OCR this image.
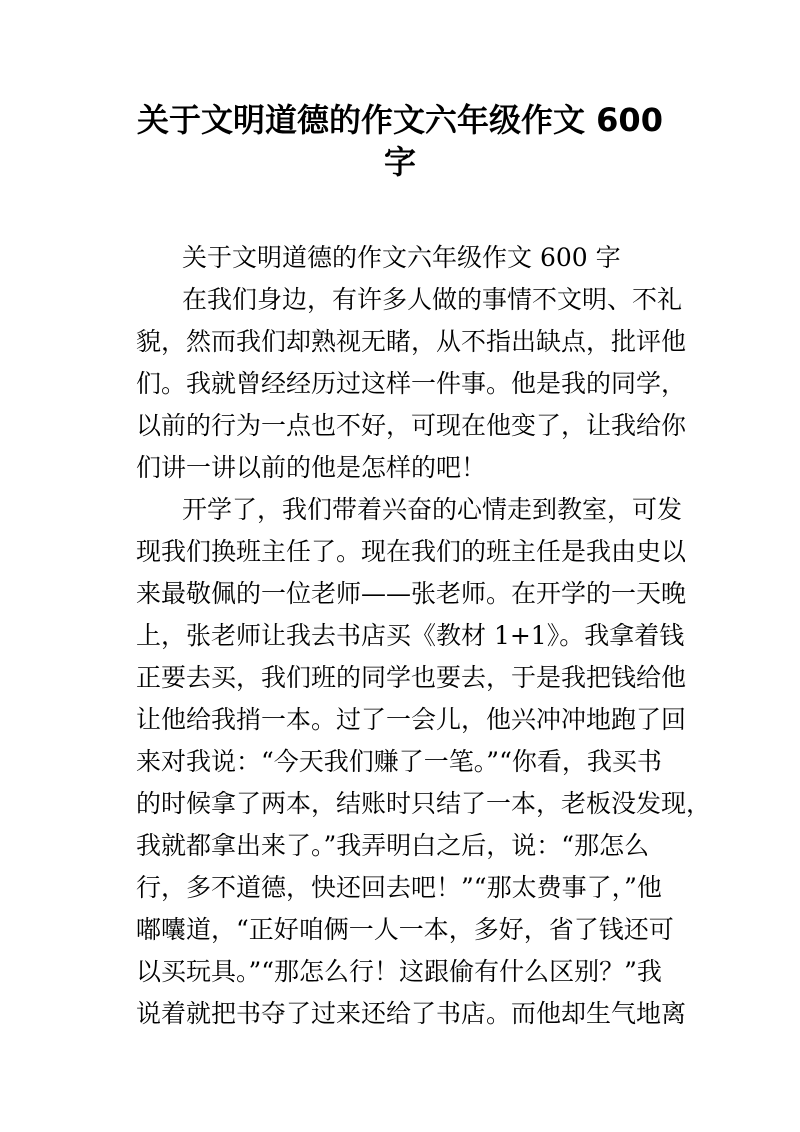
关于文明道德的作文六年级作文 600
字
关于文明道德的作文六年级作文 600 字
在我们身边，有许多人做的事情不文明、不礼
貌，然而我们却熟视无睹，从不指出缺点，批评他
们。我就曾经经历过这样一件事。他是我的同学，
以前的行为一点也不好，可现在他变了，让我给你
们讲一讲以前的他是怎样的吧！
开学了，我们带着兴奋的心情走到教室，可发
现我们换班主任了。现在我们的班主任是我由史以
来最敬佩的一位老师——张老师。在开学的一天晚
上，张老师让我去书店买《教材 1+1》。我拿着钱
正要去买，我们班的同学也要去，于是我把钱给他
让他给我捎一本。过了一会儿，他兴冲冲地跑了回
来对我说：“今天我们赚了一笔。”“你看，我买书
的时候拿了两本，结账时只结了一本，老板没发现，
我就都拿出来了。”我弄明白之后，说：“那怎么
行，多不道德，快还回去吧！”“那太费事了，”他
嘟囔道，“正好咱俩一人一本，多好，省了钱还可
以买玩具。”“那怎么行！这跟偷有什么区别？”我
说着就把书夺了过来还给了书店。而他却生气地离
